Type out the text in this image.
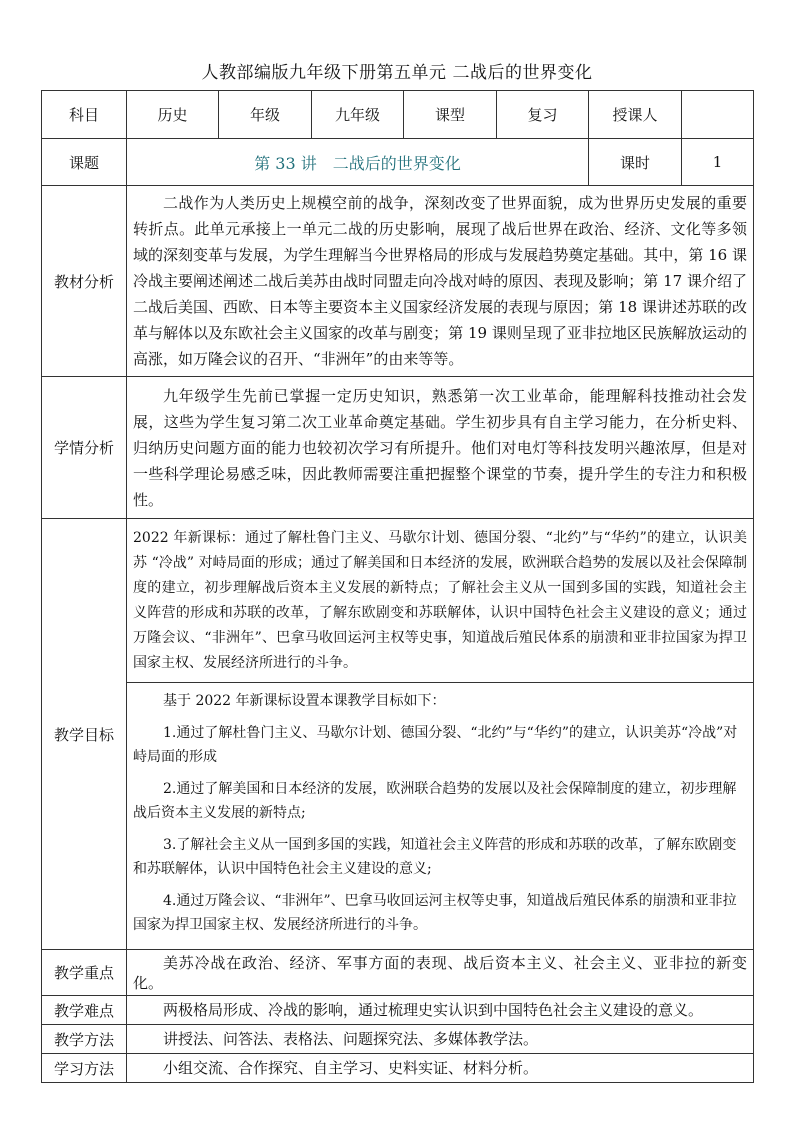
人教部编版九年级下册第五单元 二战后的世界变化
科目	历史	年级	九年级	课型	复习	授课人	
课题	第 33 讲　二战后的世界变化					课时	1
教材分析	二战作为人类历史上规模空前的战争，深刻改变了世界面貌，成为世界历史发展的重要转折点。此单元承接上一单元二战的历史影响，展现了战后世界在政治、经济、文化等多领域的深刻变革与发展，为学生理解当今世界格局的形成与发展趋势奠定基础。其中，第 16 课冷战主要阐述阐述二战后美苏由战时同盟走向冷战对峙的原因、表现及影响；第 17 课介绍了二战后美国、西欧、日本等主要资本主义国家经济发展的表现与原因；第 18 课讲述苏联的改革与解体以及东欧社会主义国家的改革与剧变；第 19 课则呈现了亚非拉地区民族解放运动的高涨，如万隆会议的召开、“非洲年”的由来等等。						

学情分析	九年级学生先前已掌握一定历史知识，熟悉第一次工业革命，能理解科技推动社会发展，这些为学生复习第二次工业革命奠定基础。学生初步具有自主学习能力，在分析史料、归纳历史问题方面的能力也较初次学习有所提升。他们对电灯等科技发明兴趣浓厚，但是对一些科学理论易感乏味，因此教师需要注重把握整个课堂的节奏，提升学生的专注力和积极性。						

教学目标	2022 年新课标：通过了解杜鲁门主义、马歇尔计划、德国分裂、“北约”与“华约”的建立，认识美苏 “冷战” 对峙局面的形成；通过了解美国和日本经济的发展，欧洲联合趋势的发展以及社会保障制度的建立，初步理解战后资本主义发展的新特点；了解社会主义从一国到多国的实践，知道社会主义阵营的形成和苏联的改革，了解东欧剧变和苏联解体，认识中国特色社会主义建设的意义；通过万隆会议、“非洲年”、巴拿马收回运河主权等史事，知道战后殖民体系的崩溃和亚非拉国家为捍卫国家主权、发展经济所进行的斗争。						

	基于 2022 年新课标设置本课教学目标如下：

1.通过了解杜鲁门主义、马歇尔计划、德国分裂、“北约”与“华约”的建立，认识美苏“冷战”对峙局面的形成

2.通过了解美国和日本经济的发展，欧洲联合趋势的发展以及社会保障制度的建立，初步理解战后资本主义发展的新特点;

3.了解社会主义从一国到多国的实践，知道社会主义阵营的形成和苏联的改革，了解东欧剧变和苏联解体，认识中国特色社会主义建设的意义;

4.通过万隆会议、“非洲年”、巴拿马收回运河主权等史事，知道战后殖民体系的崩溃和亚非拉国家为捍卫国家主权、发展经济所进行的斗争。						

教学重点	美苏冷战在政治、经济、军事方面的表现、战后资本主义、社会主义、亚非拉的新变化。						

教学难点	两极格局形成、冷战的影响，通过梳理史实认识到中国特色社会主义建设的意义。						

教学方法	讲授法、问答法、表格法、问题探究法、多媒体教学法。						

学习方法	小组交流、合作探究、自主学习、史料实证、材料分析。						
